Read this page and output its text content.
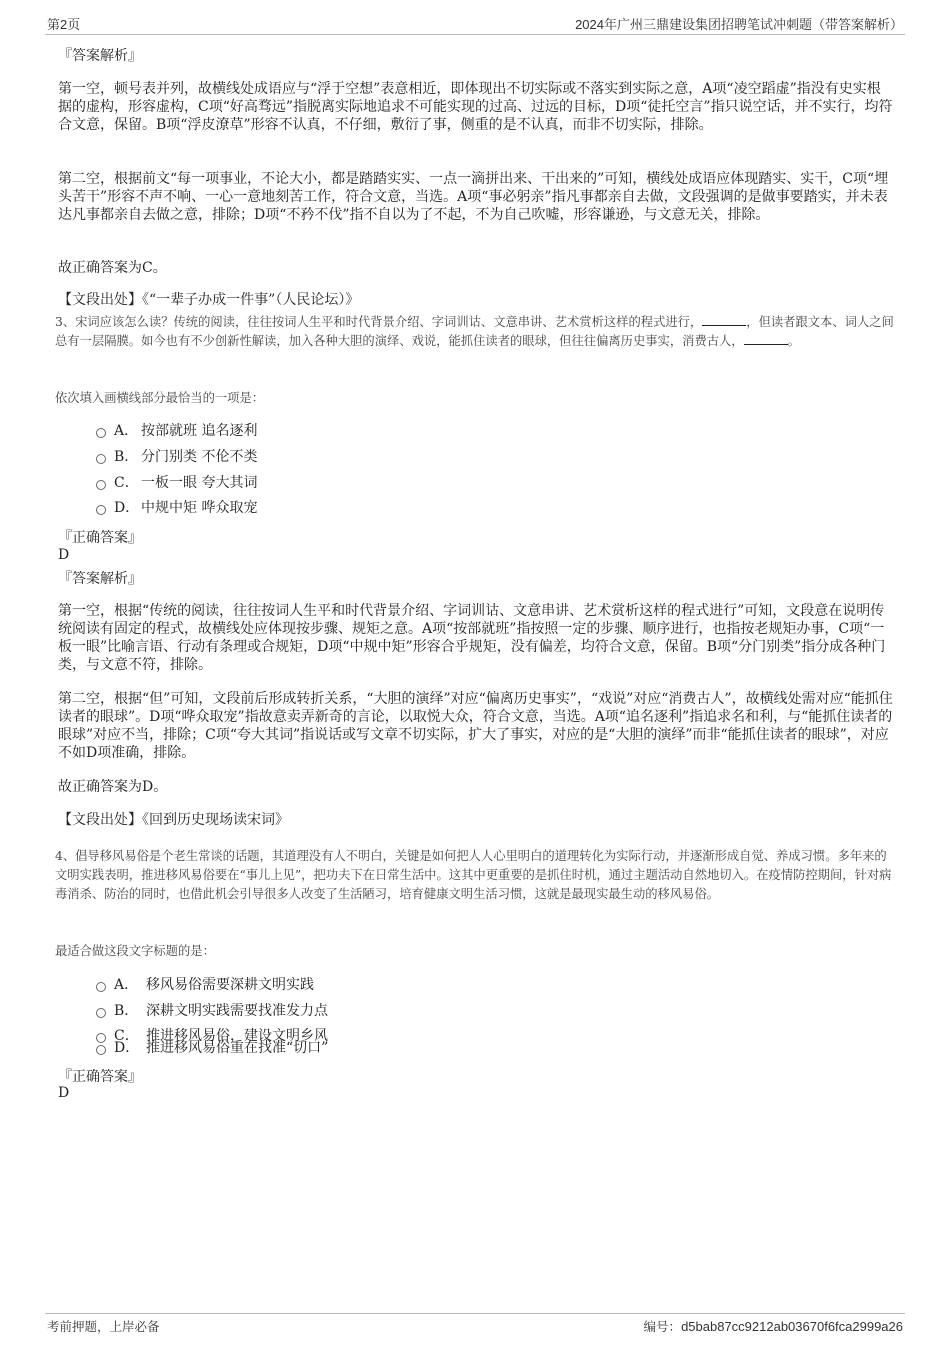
第2页	2024年广州三鼎建设集团招聘笔试冲刺题（带答案解析）

『答案解析』

第一空，顿号表并列，故横线处成语应与“浮于空想”表意相近，即体现出不切实际或不落实到实际之意，A项“凌空蹈虚”指没有史实根据的虚构，形容虚构，C项“好高骛远”指脱离实际地追求不可能实现的过高、过远的目标，D项“徒托空言”指只说空话，并不实行，均符合文意，保留。B项“浮皮潦草”形容不认真，不仔细，敷衍了事，侧重的是不认真，而非不切实际，排除。

第二空，根据前文“每一项事业，不论大小，都是踏踏实实、一点一滴拼出来、干出来的”可知，横线处成语应体现踏实、实干，C项“埋头苦干”形容不声不响、一心一意地刻苦工作，符合文意，当选。A项“事必躬亲”指凡事都亲自去做，文段强调的是做事要踏实，并未表达凡事都亲自去做之意，排除；D项“不矜不伐”指不自以为了不起，不为自己吹嘘，形容谦逊，与文意无关，排除。

故正确答案为C。

【文段出处】《“一辈子办成一件事”（人民论坛）》

3、宋词应该怎么读？传统的阅读，往往按词人生平和时代背景介绍、字词训诂、文意串讲、艺术赏析这样的程式进行，	，但读者跟文本、词人之间总有一层隔膜。如今也有不少创新性解读，加入各种大胆的演绎、戏说，能抓住读者的眼球，但往往偏离历史事实，消费古人，	。

依次填入画横线部分最恰当的一项是：

A． 按部就班 追名逐利
B． 分门别类 不伦不类
C． 一板一眼 夸大其词
D． 中规中矩 哗众取宠

『正确答案』

D

『答案解析』

第一空，根据“传统的阅读，往往按词人生平和时代背景介绍、字词训诂、文意串讲、艺术赏析这样的程式进行”可知，文段意在说明传统阅读有固定的程式，故横线处应体现按步骤、规矩之意。A项“按部就班”指按照一定的步骤、顺序进行，也指按老规矩办事，C项“一板一眼”比喻言语、行动有条理或合规矩，D项“中规中矩”形容合乎规矩，没有偏差，均符合文意，保留。B项“分门别类”指分成各种门类，与文意不符，排除。

第二空，根据“但”可知，文段前后形成转折关系，“大胆的演绎”对应“偏离历史事实”，“戏说”对应“消费古人”，故横线处需对应“能抓住读者的眼球”。D项“哗众取宠”指故意卖弄新奇的言论，以取悦大众，符合文意，当选。A项“追名逐利”指追求名和利，与“能抓住读者的眼球”对应不当，排除；C项“夸大其词”指说话或写文章不切实际，扩大了事实，对应的是“大胆的演绎”而非“能抓住读者的眼球”，对应不如D项准确，排除。

故正确答案为D。

【文段出处】《回到历史现场读宋词》

4、倡导移风易俗是个老生常谈的话题，其道理没有人不明白，关键是如何把人人心里明白的道理转化为实际行动，并逐渐形成自觉、养成习惯。多年来的文明实践表明，推进移风易俗要在“事儿上见”，把功夫下在日常生活中。这其中更重要的是抓住时机，通过主题活动自然地切入。在疫情防控期间，针对病毒消杀、防治的同时，也借此机会引导很多人改变了生活陋习，培育健康文明生活习惯，这就是最现实最生动的移风易俗。

最适合做这段文字标题的是：

A． 移风易俗需要深耕文明实践
B． 深耕文明实践需要找准发力点
C． 推进移风易俗，建设文明乡风
D． 推进移风易俗重在找准“切口”

『正确答案』

D

考前押题，上岸必备	编号：d5bab87cc9212ab03670f6fca2999a26
